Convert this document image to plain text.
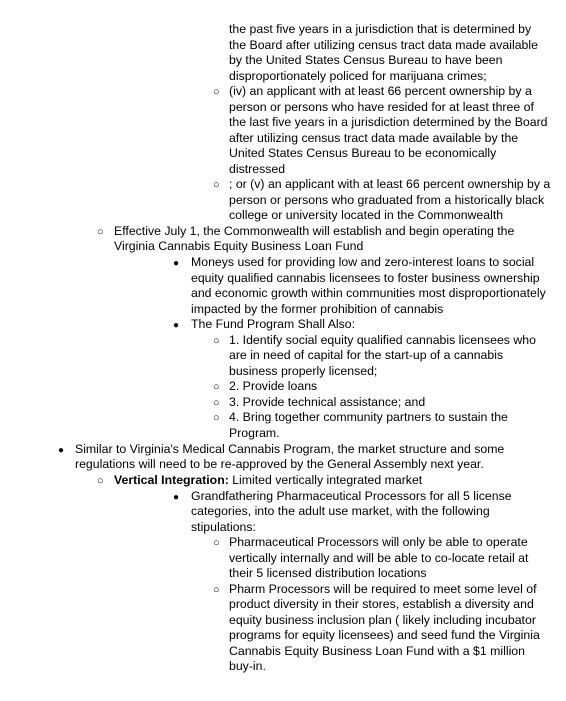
the past five years in a jurisdiction that is determined by
the Board after utilizing census tract data made available
by the United States Census Bureau to have been
disproportionately policed for marijuana crimes;
○ (iv) an applicant with at least 66 percent ownership by a
person or persons who have resided for at least three of
the last five years in a jurisdiction determined by the Board
after utilizing census tract data made available by the
United States Census Bureau to be economically
distressed
○ ; or (v) an applicant with at least 66 percent ownership by a
person or persons who graduated from a historically black
college or university located in the Commonwealth
○ Effective July 1, the Commonwealth will establish and begin operating the
Virginia Cannabis Equity Business Loan Fund
● Moneys used for providing low and zero-interest loans to social
equity qualified cannabis licensees to foster business ownership
and economic growth within communities most disproportionately
impacted by the former prohibition of cannabis
● The Fund Program Shall Also:
○ 1. Identify social equity qualified cannabis licensees who
are in need of capital for the start-up of a cannabis
business properly licensed;
○ 2. Provide loans
○ 3. Provide technical assistance; and
○ 4. Bring together community partners to sustain the
Program.
● Similar to Virginia's Medical Cannabis Program, the market structure and some
regulations will need to be re-approved by the General Assembly next year.
○ Vertical Integration: Limited vertically integrated market
● Grandfathering Pharmaceutical Processors for all 5 license
categories, into the adult use market, with the following
stipulations:
○ Pharmaceutical Processors will only be able to operate
vertically internally and will be able to co-locate retail at
their 5 licensed distribution locations
○ Pharm Processors will be required to meet some level of
product diversity in their stores, establish a diversity and
equity business inclusion plan ( likely including incubator
programs for equity licensees) and seed fund the Virginia
Cannabis Equity Business Loan Fund with a $1 million
buy-in.
